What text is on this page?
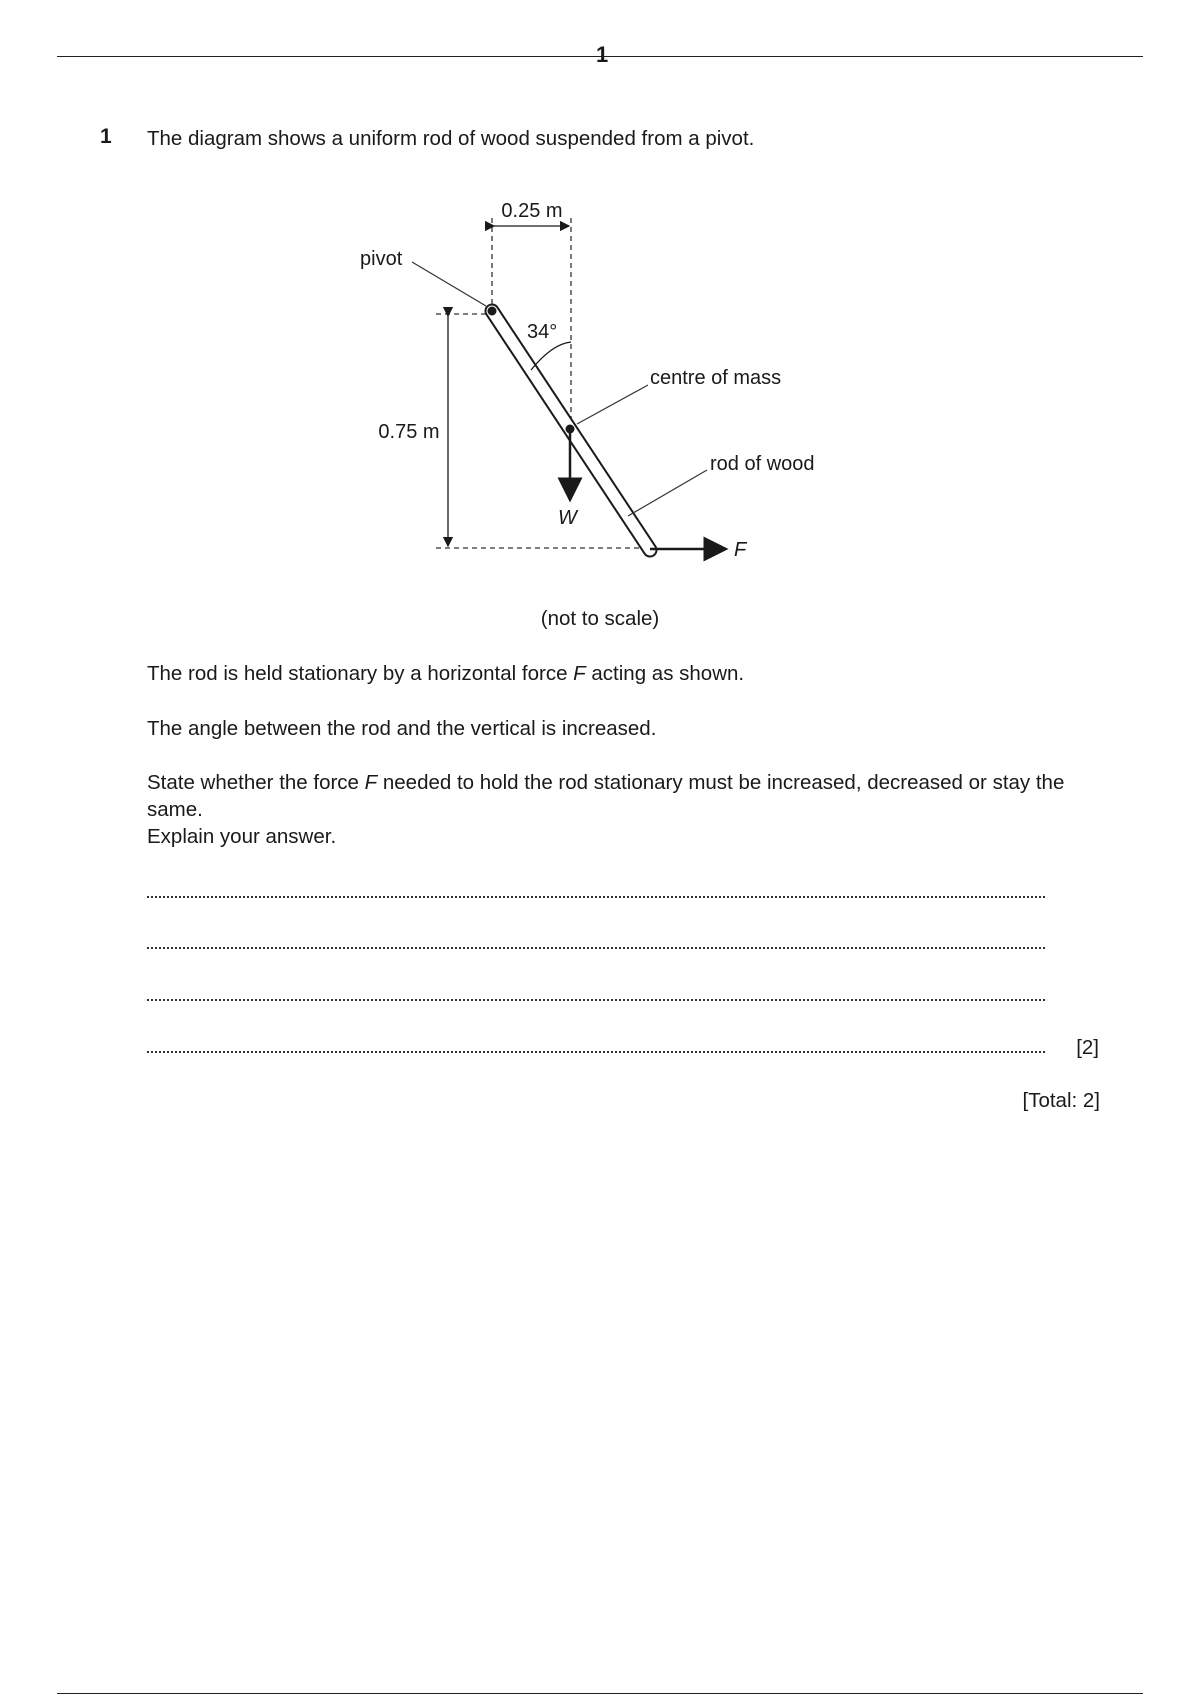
1
1 The diagram shows a uniform rod of wood suspended from a pivot.
0.25 m
0.75 m
pivot
34°
centre of mass
W
rod of wood
F
(not to scale)
The rod is held stationary by a horizontal force F acting as shown.
The angle between the rod and the vertical is increased.
State whether the force F needed to hold the rod stationary must be increased, decreased or stay the same.
Explain your answer.
[2]
[Total: 2]
